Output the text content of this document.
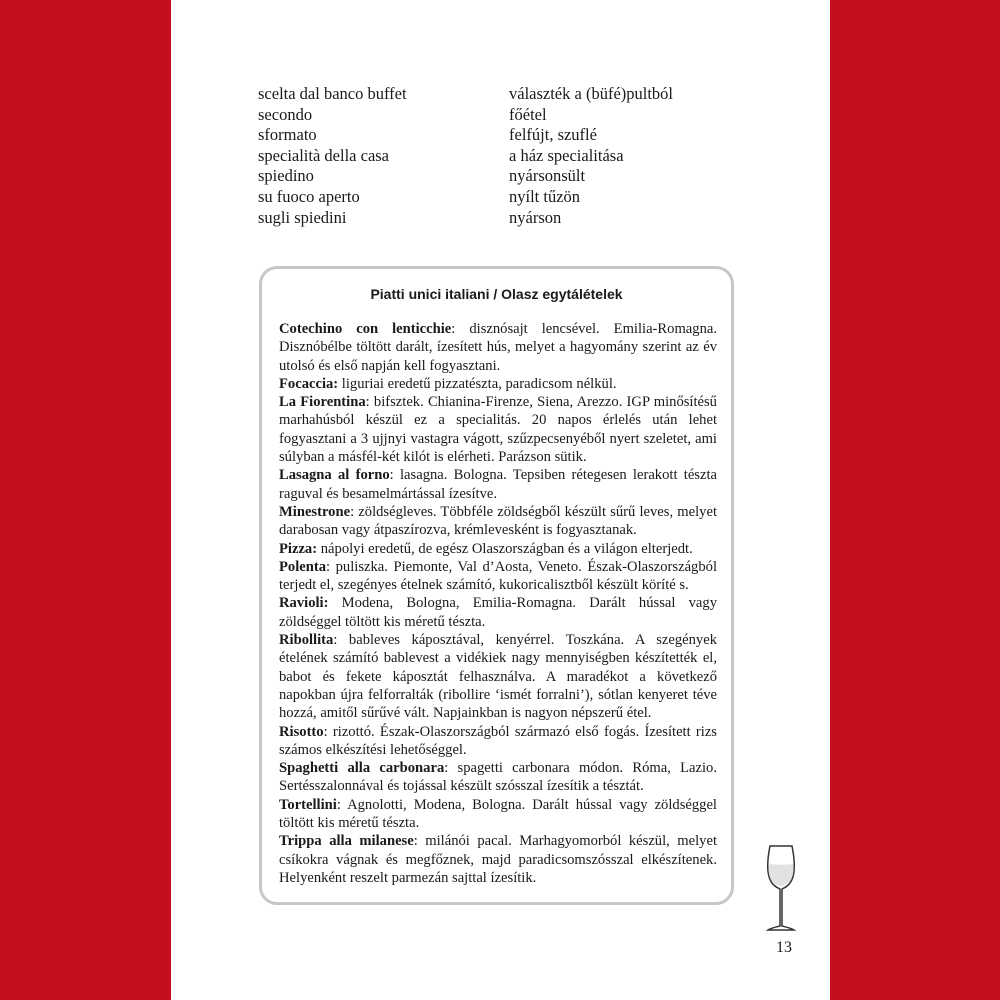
scelta dal banco buffet	választék a (büfé)pultból
secondo	főétel
sformato	felfújt, szuflé
specialità della casa	a ház specialitása
spiedino	nyársonsült
su fuoco aperto	nyílt tűzön
sugli spiedini	nyárson
Piatti unici italiani / Olasz egytálételek

Cotechino con lenticchie: disznósajt lencsével. Emilia-Romagna. Disznóbélbe töltött darált, ízesített hús, melyet a hagyomány szerint az év utolsó és első napján kell fogyasztani.

Focaccia: liguriai eredetű pizzatészta, paradicsom nélkül.

La Fiorentina: bifsztek. Chianina-Firenze, Siena, Arezzo. IGP minősítésű marhahúsból készül ez a specialitás. 20 napos érlelés után lehet fogyasztani a 3 ujjnyi vastagra vágott, szűzpecsenyéből nyert szeletet, ami súlyban a másfél-két kilót is elérheti. Parázson sütik.

Lasagna al forno: lasagna. Bologna. Tepsiben rétegesen lerakott tészta raguval és besamelmártással ízesítve.

Minestrone: zöldségleves. Többféle zöldségből készült sűrű leves, melyet darabosan vagy átpaszírozva, krémlevesként is fogyasztanak.

Pizza: nápolyi eredetű, de egész Olaszországban és a világon elterjedt.

Polenta: puliszka. Piemonte, Val d’Aosta, Veneto. Észak-Olaszországból terjedt el, szegényes ételnek számító, kukoricalisztből készült köríté s.

Ravioli: Modena, Bologna, Emilia-Romagna. Darált hússal vagy zöldséggel töltött kis méretű tészta.

Ribollita: bableves káposztával, kenyérrel. Toszkána. A szegények ételének számító bablevest a vidékiek nagy mennyiségben készítették el, babot és fekete káposztát felhasználva. A maradékot a következő napokban újra felforralták (ribollire ‘ismét forralni’), sótlan kenyeret téve hozzá, amitől sűrűvé vált. Napjainkban is nagyon népszerű étel.

Risotto: rizottó. Észak-Olaszországból származó első fogás. Ízesített rizs számos elkészítési lehetőséggel.

Spaghetti alla carbonara: spagetti carbonara módon. Róma, Lazio. Sertésszalonnával és tojással készült szósszal ízesítik a tésztát.

Tortellini: Agnolotti, Modena, Bologna. Darált hússal vagy zöldséggel töltött kis méretű tészta.

Trippa alla milanese: milánói pacal. Marhagyomorból készül, melyet csíkokra vágnak és megfőznek, majd paradicsomszósszal elkészítenek. Helyenként reszelt parmezán sajttal ízesítik.

13
